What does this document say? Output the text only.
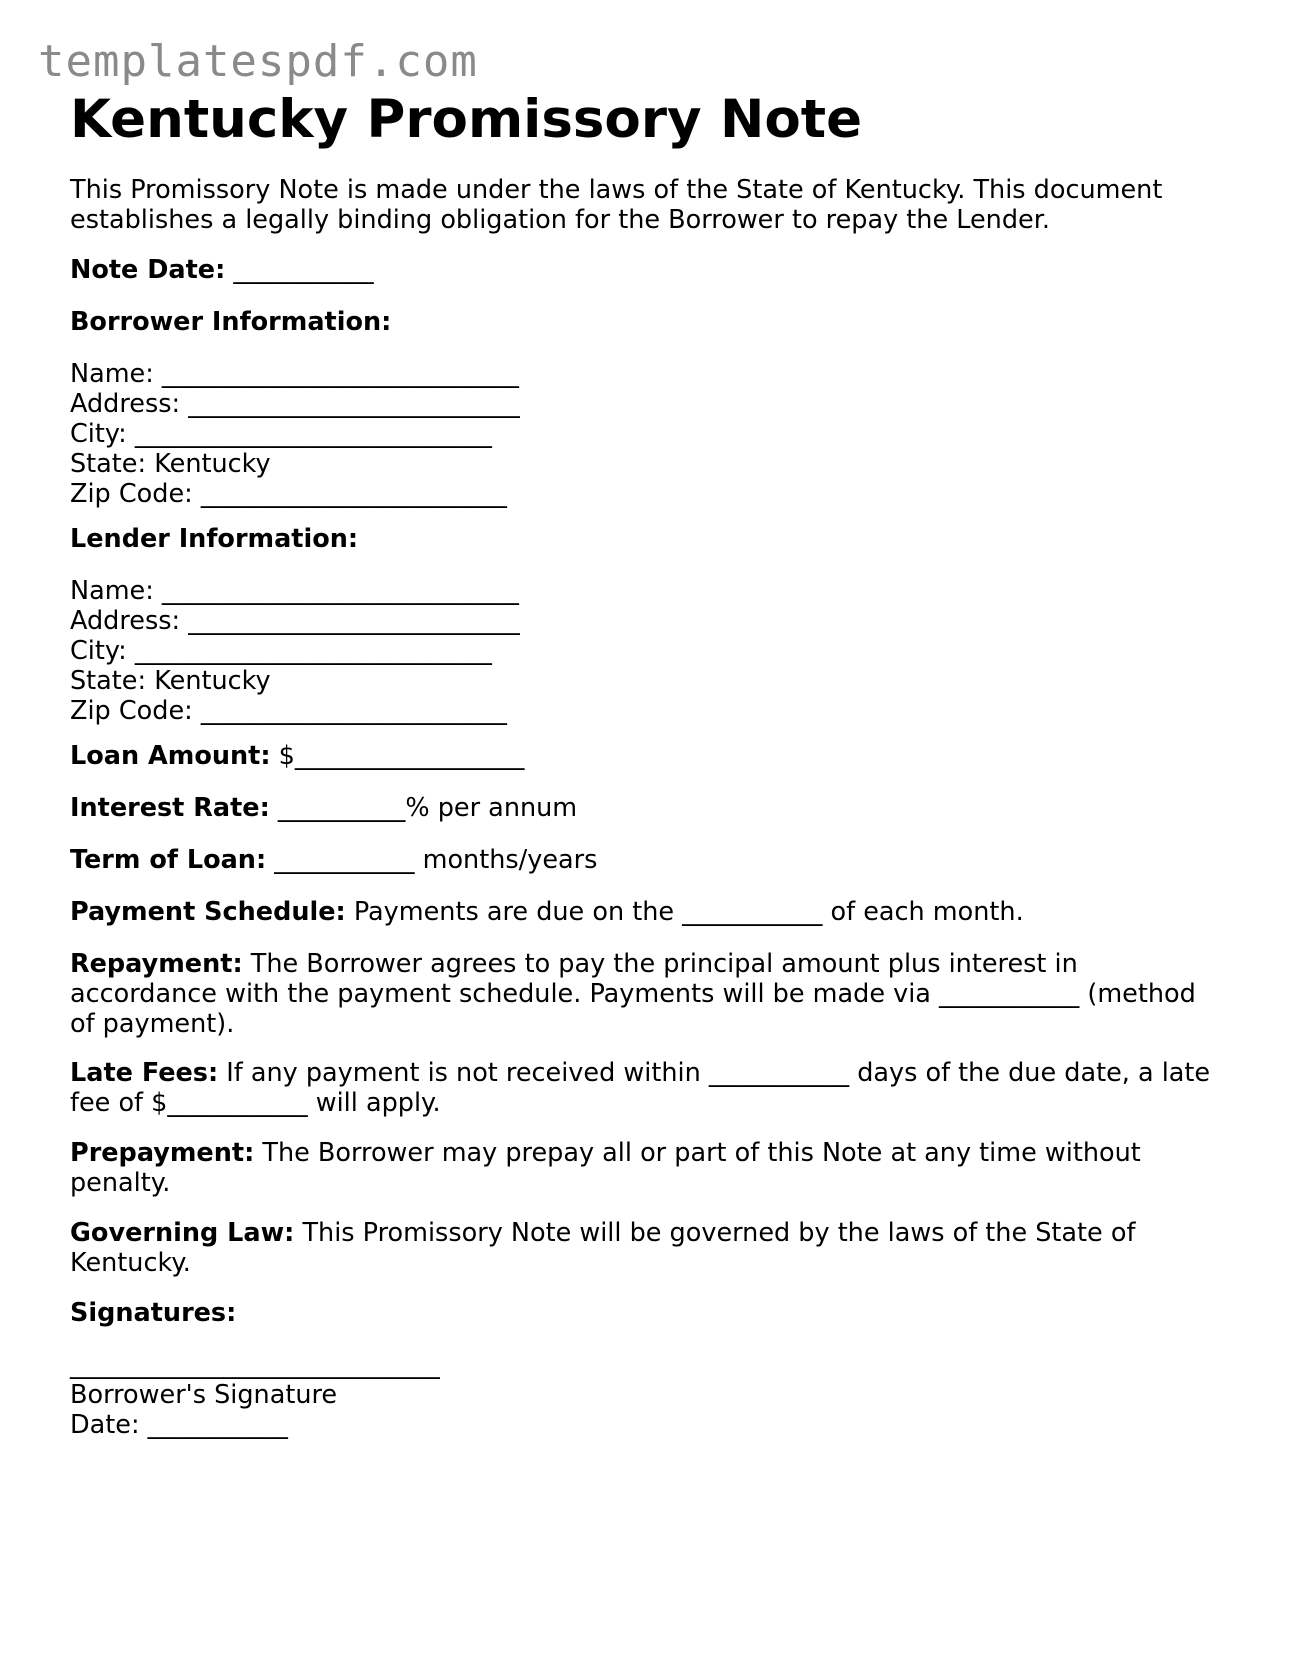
templatespdf.com
Kentucky Promissory Note
This Promissory Note is made under the laws of the State of Kentucky. This document establishes a legally binding obligation for the Borrower to repay the Lender.
Note Date: ___________
Borrower Information:
Name: ____________________________
Address: __________________________
City: ____________________________
State: Kentucky
Zip Code: ________________________
Lender Information:
Name: ____________________________
Address: __________________________
City: ____________________________
State: Kentucky
Zip Code: ________________________
Loan Amount: $__________________
Interest Rate: __________% per annum
Term of Loan: ___________ months/years
Payment Schedule: Payments are due on the ___________ of each month.
Repayment: The Borrower agrees to pay the principal amount plus interest in accordance with the payment schedule. Payments will be made via ___________ (method of payment).
Late Fees: If any payment is not received within ___________ days of the due date, a late fee of $___________ will apply.
Prepayment: The Borrower may prepay all or part of this Note at any time without penalty.
Governing Law: This Promissory Note will be governed by the laws of the State of Kentucky.
Signatures:
_____________________________
Borrower's Signature
Date: ___________
